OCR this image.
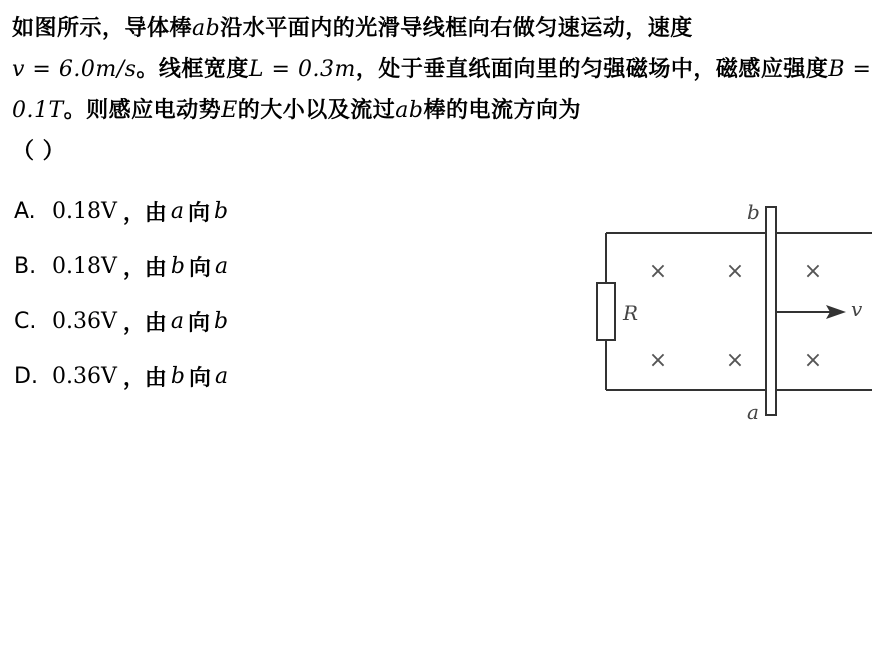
如图所示，导体棒ab沿水平面内的光滑导线框向右做匀速运动，速度
v = 6.0m/s。线框宽度L = 0.3m，处于垂直纸面向里的匀强磁场中，磁感应强度B = 0.1T。则感应电动势E的大小以及流过ab棒的电流方向为
（ ）
A. 0.18V ，由 a 向 b
B. 0.18V ，由 b 向 a
C. 0.36V ，由 a 向 b
D. 0.36V ，由 b 向 a
×	×	×
×	×	×
b
a
R	v
